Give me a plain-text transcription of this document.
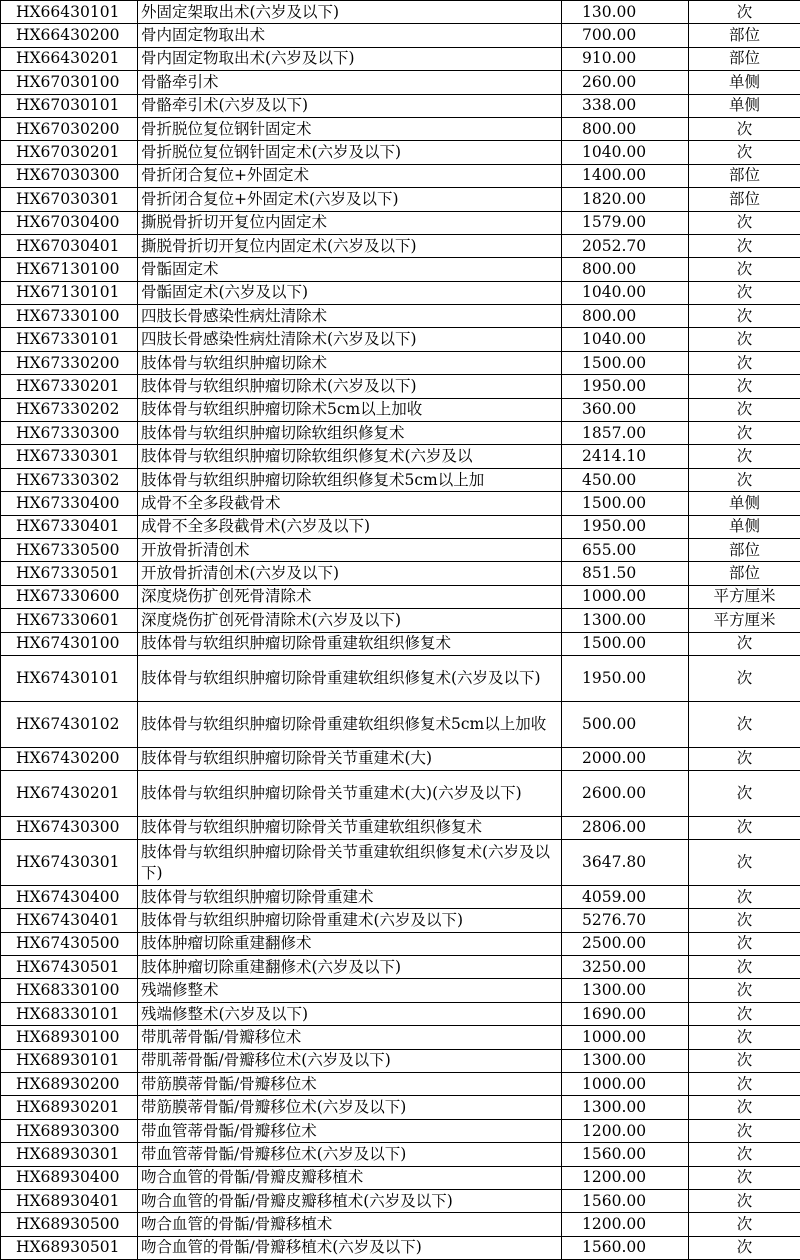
HX66430101	外固定架取出术(六岁及以下)	130.00	次
HX66430200	骨内固定物取出术	700.00	部位
HX66430201	骨内固定物取出术(六岁及以下)	910.00	部位
HX67030100	骨骼牵引术	260.00	单侧
HX67030101	骨骼牵引术(六岁及以下)	338.00	单侧
HX67030200	骨折脱位复位钢针固定术	800.00	次
HX67030201	骨折脱位复位钢针固定术(六岁及以下)	1040.00	次
HX67030300	骨折闭合复位+外固定术	1400.00	部位
HX67030301	骨折闭合复位+外固定术(六岁及以下)	1820.00	部位
HX67030400	撕脱骨折切开复位内固定术	1579.00	次
HX67030401	撕脱骨折切开复位内固定术(六岁及以下)	2052.70	次
HX67130100	骨骺固定术	800.00	次
HX67130101	骨骺固定术(六岁及以下)	1040.00	次
HX67330100	四肢长骨感染性病灶清除术	800.00	次
HX67330101	四肢长骨感染性病灶清除术(六岁及以下)	1040.00	次
HX67330200	肢体骨与软组织肿瘤切除术	1500.00	次
HX67330201	肢体骨与软组织肿瘤切除术(六岁及以下)	1950.00	次
HX67330202	肢体骨与软组织肿瘤切除术5cm以上加收	360.00	次
HX67330300	肢体骨与软组织肿瘤切除软组织修复术	1857.00	次
HX67330301	肢体骨与软组织肿瘤切除软组织修复术(六岁及以	2414.10	次
HX67330302	肢体骨与软组织肿瘤切除软组织修复术5cm以上加	450.00	次
HX67330400	成骨不全多段截骨术	1500.00	单侧
HX67330401	成骨不全多段截骨术(六岁及以下)	1950.00	单侧
HX67330500	开放骨折清创术	655.00	部位
HX67330501	开放骨折清创术(六岁及以下)	851.50	部位
HX67330600	深度烧伤扩创死骨清除术	1000.00	平方厘米
HX67330601	深度烧伤扩创死骨清除术(六岁及以下)	1300.00	平方厘米
HX67430100	肢体骨与软组织肿瘤切除骨重建软组织修复术	1500.00	次
HX67430101	肢体骨与软组织肿瘤切除骨重建软组织修复术(六岁及以下)	1950.00	次
HX67430102	肢体骨与软组织肿瘤切除骨重建软组织修复术5cm以上加收	500.00	次
HX67430200	肢体骨与软组织肿瘤切除骨关节重建术(大)	2000.00	次
HX67430201	肢体骨与软组织肿瘤切除骨关节重建术(大)(六岁及以下)	2600.00	次
HX67430300	肢体骨与软组织肿瘤切除骨关节重建软组织修复术	2806.00	次
HX67430301	肢体骨与软组织肿瘤切除骨关节重建软组织修复术(六岁及以下)	3647.80	次
HX67430400	肢体骨与软组织肿瘤切除骨重建术	4059.00	次
HX67430401	肢体骨与软组织肿瘤切除骨重建术(六岁及以下)	5276.70	次
HX67430500	肢体肿瘤切除重建翻修术	2500.00	次
HX67430501	肢体肿瘤切除重建翻修术(六岁及以下)	3250.00	次
HX68330100	残端修整术	1300.00	次
HX68330101	残端修整术(六岁及以下)	1690.00	次
HX68930100	带肌蒂骨骺/骨瓣移位术	1000.00	次
HX68930101	带肌蒂骨骺/骨瓣移位术(六岁及以下)	1300.00	次
HX68930200	带筋膜蒂骨骺/骨瓣移位术	1000.00	次
HX68930201	带筋膜蒂骨骺/骨瓣移位术(六岁及以下)	1300.00	次
HX68930300	带血管蒂骨骺/骨瓣移位术	1200.00	次
HX68930301	带血管蒂骨骺/骨瓣移位术(六岁及以下)	1560.00	次
HX68930400	吻合血管的骨骺/骨瓣皮瓣移植术	1200.00	次
HX68930401	吻合血管的骨骺/骨瓣皮瓣移植术(六岁及以下)	1560.00	次
HX68930500	吻合血管的骨骺/骨瓣移植术	1200.00	次
HX68930501	吻合血管的骨骺/骨瓣移植术(六岁及以下)	1560.00	次
